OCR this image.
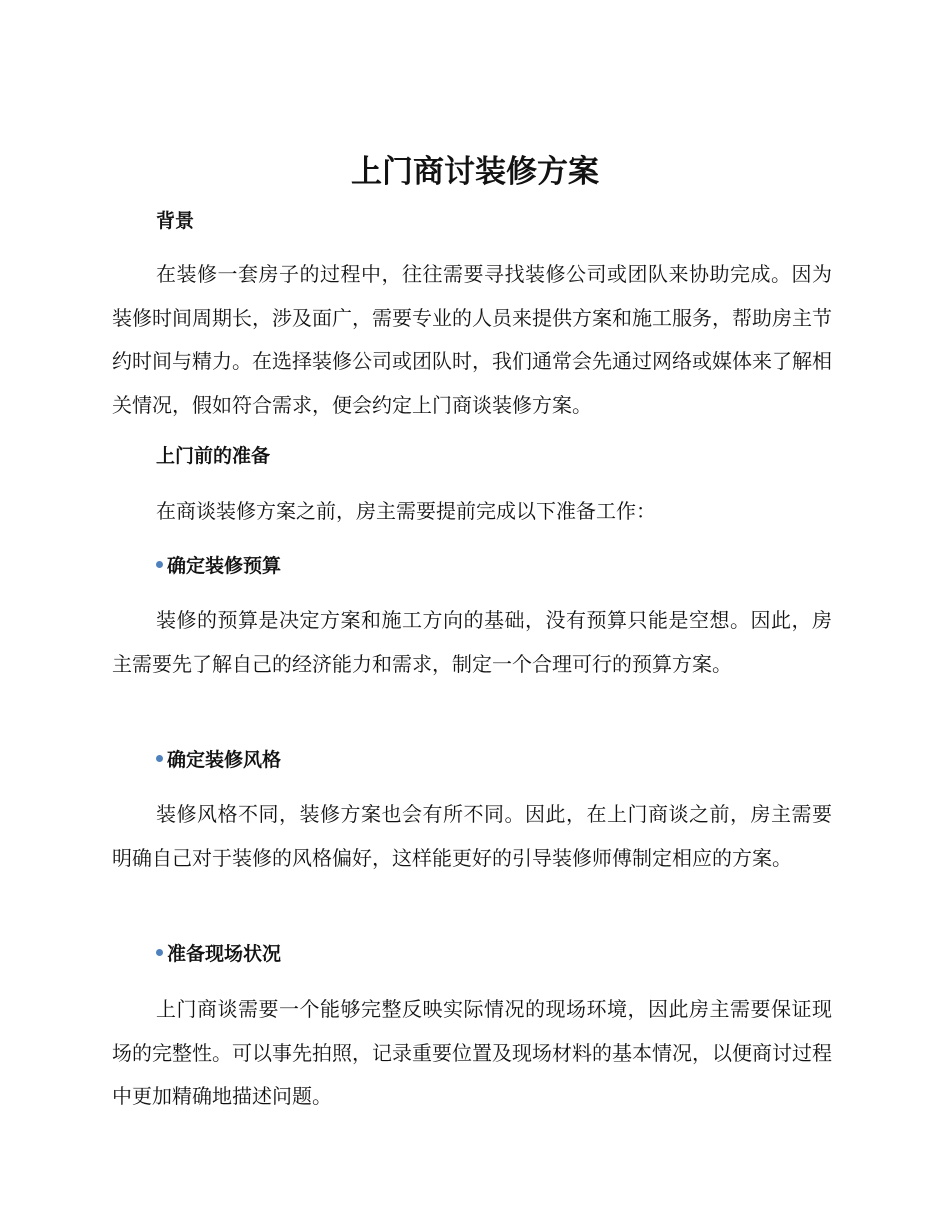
上门商讨装修方案
背景
在装修一套房子的过程中，往往需要寻找装修公司或团队来协助完成。因为装修时间周期长，涉及面广，需要专业的人员来提供方案和施工服务，帮助房主节约时间与精力。在选择装修公司或团队时，我们通常会先通过网络或媒体来了解相关情况，假如符合需求，便会约定上门商谈装修方案。
上门前的准备
在商谈装修方案之前，房主需要提前完成以下准备工作：
确定装修预算
装修的预算是决定方案和施工方向的基础，没有预算只能是空想。因此，房主需要先了解自己的经济能力和需求，制定一个合理可行的预算方案。
确定装修风格
装修风格不同，装修方案也会有所不同。因此，在上门商谈之前，房主需要明确自己对于装修的风格偏好，这样能更好的引导装修师傅制定相应的方案。
准备现场状况
上门商谈需要一个能够完整反映实际情况的现场环境，因此房主需要保证现场的完整性。可以事先拍照，记录重要位置及现场材料的基本情况，以便商讨过程中更加精确地描述问题。
